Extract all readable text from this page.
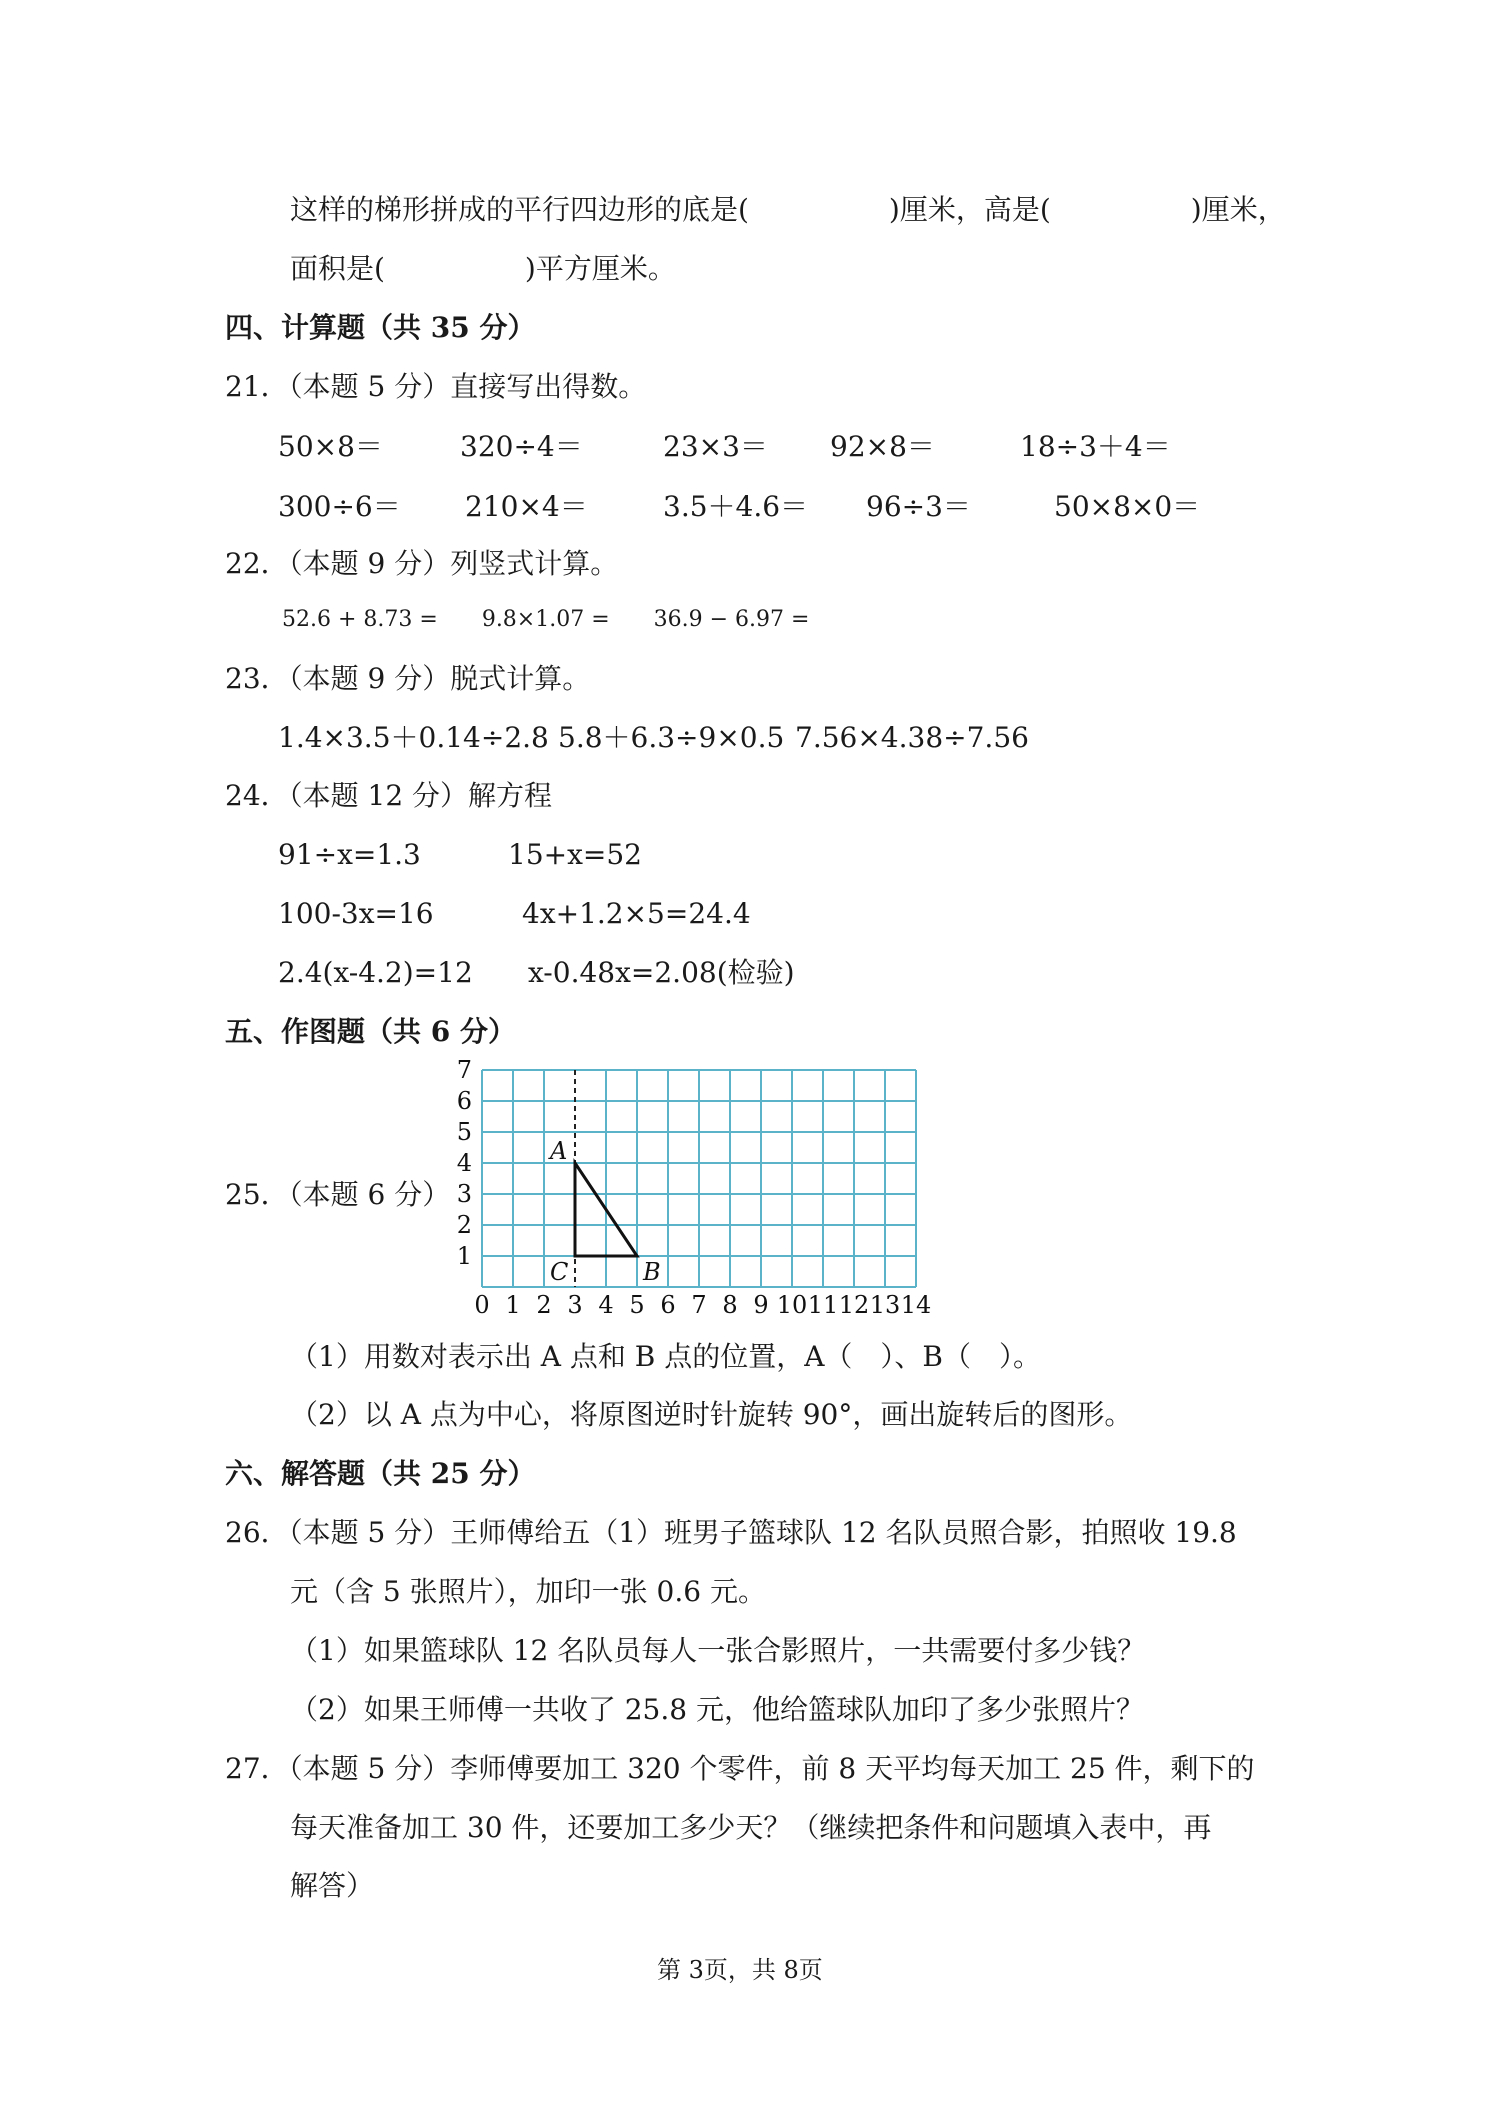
这样的梯形拼成的平行四边形的底是(　　　　　)厘米，高是(　　　　　)厘米，
面积是(　　　　　)平方厘米。
四、计算题（共 35 分）
21．（本题 5 分）直接写出得数。
50×8＝	320÷4＝	23×3＝ 92×8＝	18÷3＋4＝
300÷6＝ 210×4＝	3.5＋4.6＝ 96÷3＝	50×8×0＝
22．（本题 9 分）列竖式计算。
52.6 + 8.73 =　　9.8×1.07 =　　36.9 − 6.97 =
23．（本题 9 分）脱式计算。
1.4×3.5＋0.14÷2.8 5.8＋6.3÷9×0.5 7.56×4.38÷7.56
24．（本题 12 分）解方程
91÷x=1.3	15+x=52
100-3x=16	4x+1.2×5=24.4
2.4(x-4.2)=12 x-0.48x=2.08(检验)
五、作图题（共 6 分）
25．（本题 6 分）
0 1 2 3 4 5 6 7 8 9 10 11 12 13 14
1
2
3
4
5
6
7
A
B
C
（1）用数对表示出 A 点和 B 点的位置，A（　）、B（　）。
（2）以 A 点为中心，将原图逆时针旋转 90°，画出旋转后的图形。
六、解答题（共 25 分）
26．（本题 5 分）王师傅给五（1）班男子篮球队 12 名队员照合影，拍照收 19.8
元（含 5 张照片），加印一张 0.6 元。
（1）如果篮球队 12 名队员每人一张合影照片，一共需要付多少钱？
（2）如果王师傅一共收了 25.8 元，他给篮球队加印了多少张照片？
27．（本题 5 分）李师傅要加工 320 个零件，前 8 天平均每天加工 25 件，剩下的
每天准备加工 30 件，还要加工多少天？（继续把条件和问题填入表中，再
解答）
第 3页，共 8页
